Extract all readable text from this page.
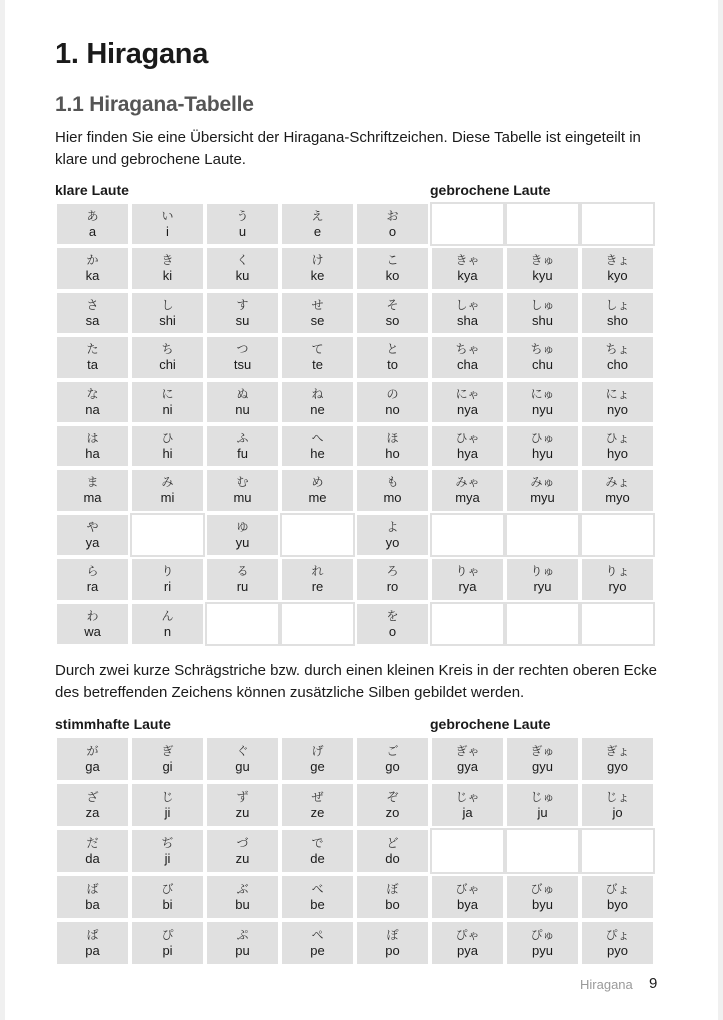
1. Hiragana
1.1 Hiragana-Tabelle

Hier finden Sie eine Übersicht der Hiragana-Schriftzeichen. Diese Tabelle ist eingeteilt in klare und gebrochene Laute.

klare Laute	gebrochene Laute
あ
a
い
i
う
u
え
e
お
o
か
ka
き
ki
く
ku
け
ke
こ
ko
きゃ
kya
きゅ
kyu
きょ
kyo
さ
sa
し
shi
す
su
せ
se
そ
so
しゃ
sha
しゅ
shu
しょ
sho
た
ta
ち
chi
つ
tsu
て
te
と
to
ちゃ
cha
ちゅ
chu
ちょ
cho
な
na
に
ni
ぬ
nu
ね
ne
の
no
にゃ
nya
にゅ
nyu
にょ
nyo
は
ha
ひ
hi
ふ
fu
へ
he
ほ
ho
ひゃ
hya
ひゅ
hyu
ひょ
hyo
ま
ma
み
mi
む
mu
め
me
も
mo
みゃ
mya
みゅ
myu
みょ
myo
や
ya
ゆ
yu
よ
yo
ら
ra
り
ri
る
ru
れ
re
ろ
ro
りゃ
rya
りゅ
ryu
りょ
ryo
わ
wa
ん
n
を
o

Durch zwei kurze Schrägstriche bzw. durch einen kleinen Kreis in der rechten oberen Ecke des betreffenden Zeichens können zusätzliche Silben gebildet werden.

stimmhafte Laute	gebrochene Laute
が
ga
ぎ
gi
ぐ
gu
げ
ge
ご
go
ぎゃ
gya
ぎゅ
gyu
ぎょ
gyo
ざ
za
じ
ji
ず
zu
ぜ
ze
ぞ
zo
じゃ
ja
じゅ
ju
じょ
jo
だ
da
ぢ
ji
づ
zu
で
de
ど
do
ば
ba
び
bi
ぶ
bu
べ
be
ぼ
bo
びゃ
bya
びゅ
byu
びょ
byo
ぱ
pa
ぴ
pi
ぷ
pu
ぺ
pe
ぽ
po
ぴゃ
pya
ぴゅ
pyu
ぴょ
pyo
Hiragana 9
